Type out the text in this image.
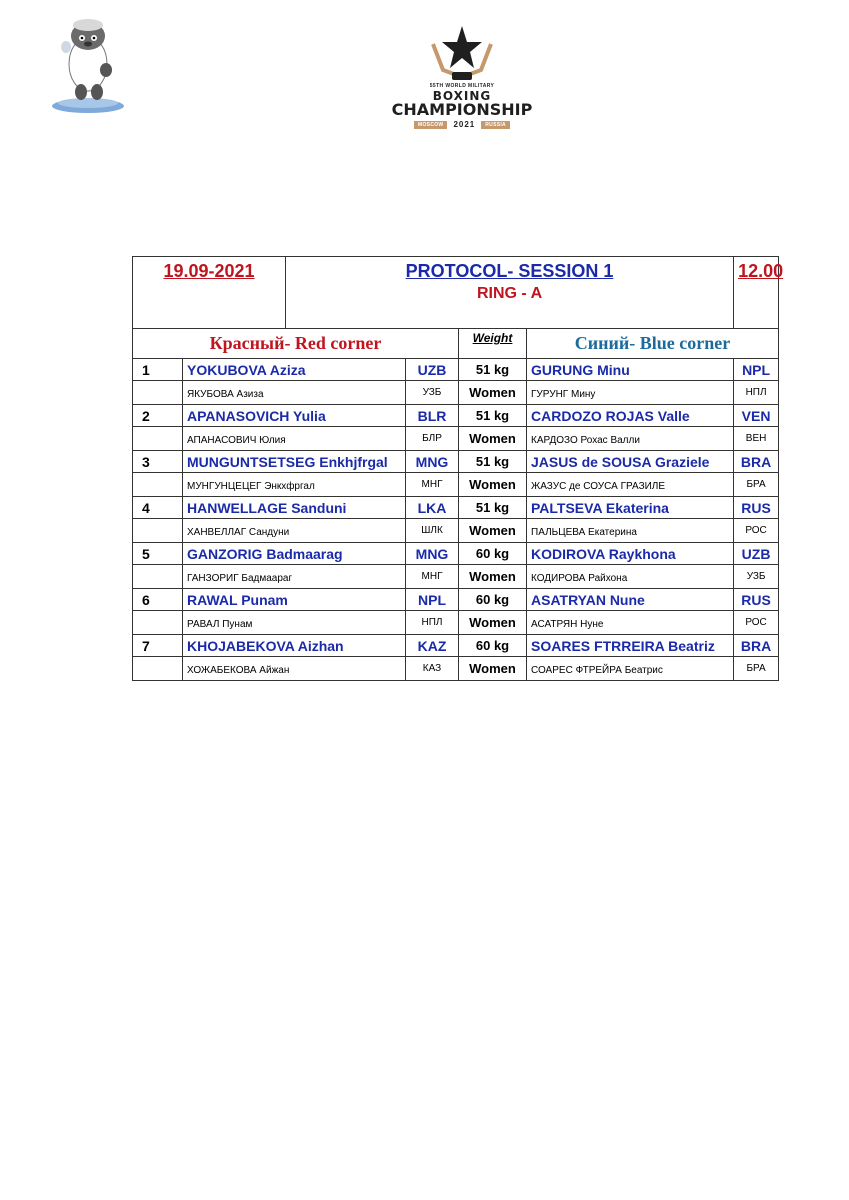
55TH WORLD MILITARY
BOXING
CHAMPIONSHIP
MOSCOW	2021	RUSSIA
19.09-2021		PROTOCOL- SESSION 1
RING - A				12.00
Красный- Red corner				Weight	Синий- Blue corner	
1	YOKUBOVA Aziza		UZB	51 kg	GURUNG Minu	NPL
	ЯКУБОВА Азиза		УЗБ	Women	ГУРУНГ Мину	НПЛ
2	APANASOVICH Yulia		BLR	51 kg	CARDOZO ROJAS Valle	VEN
	АПАНАСОВИЧ Юлия		БЛР	Women	КАРДОЗО Рохас Валли	ВЕН
3	MUNGUNTSETSEG Enkhjfrgal		MNG	51 kg	JASUS de SOUSA Graziele	BRA
	МУНГУНЦЕЦЕГ Энкхфргал		МНГ	Women	ЖАЗУС де СОУСА ГРАЗИЛЕ	БРА
4	HANWELLAGE Sanduni		LKA	51 kg	PALTSEVA Ekaterina	RUS
	ХАНВЕЛЛАГ Сандуни		ШЛК	Women	ПАЛЬЦЕВА Екатерина	РОС
5	GANZORIG Badmaarag		MNG	60 kg	KODIROVA Raykhona	UZB
	ГАНЗОРИГ Бадмаараг		МНГ	Women	КОДИРОВА Райхона	УЗБ
6	RAWAL Punam		NPL	60 kg	ASATRYAN Nune	RUS
	РАВАЛ Пунам		НПЛ	Women	АСАТРЯН Нуне	РОС
7	KHOJABEKOVA Aizhan		KAZ	60 kg	SOARES FTRREIRA Beatriz	BRA
	ХОЖАБЕКОВА Айжан		КАЗ	Women	СОАРЕС ФТРЕЙРА Беатрис	БРА
